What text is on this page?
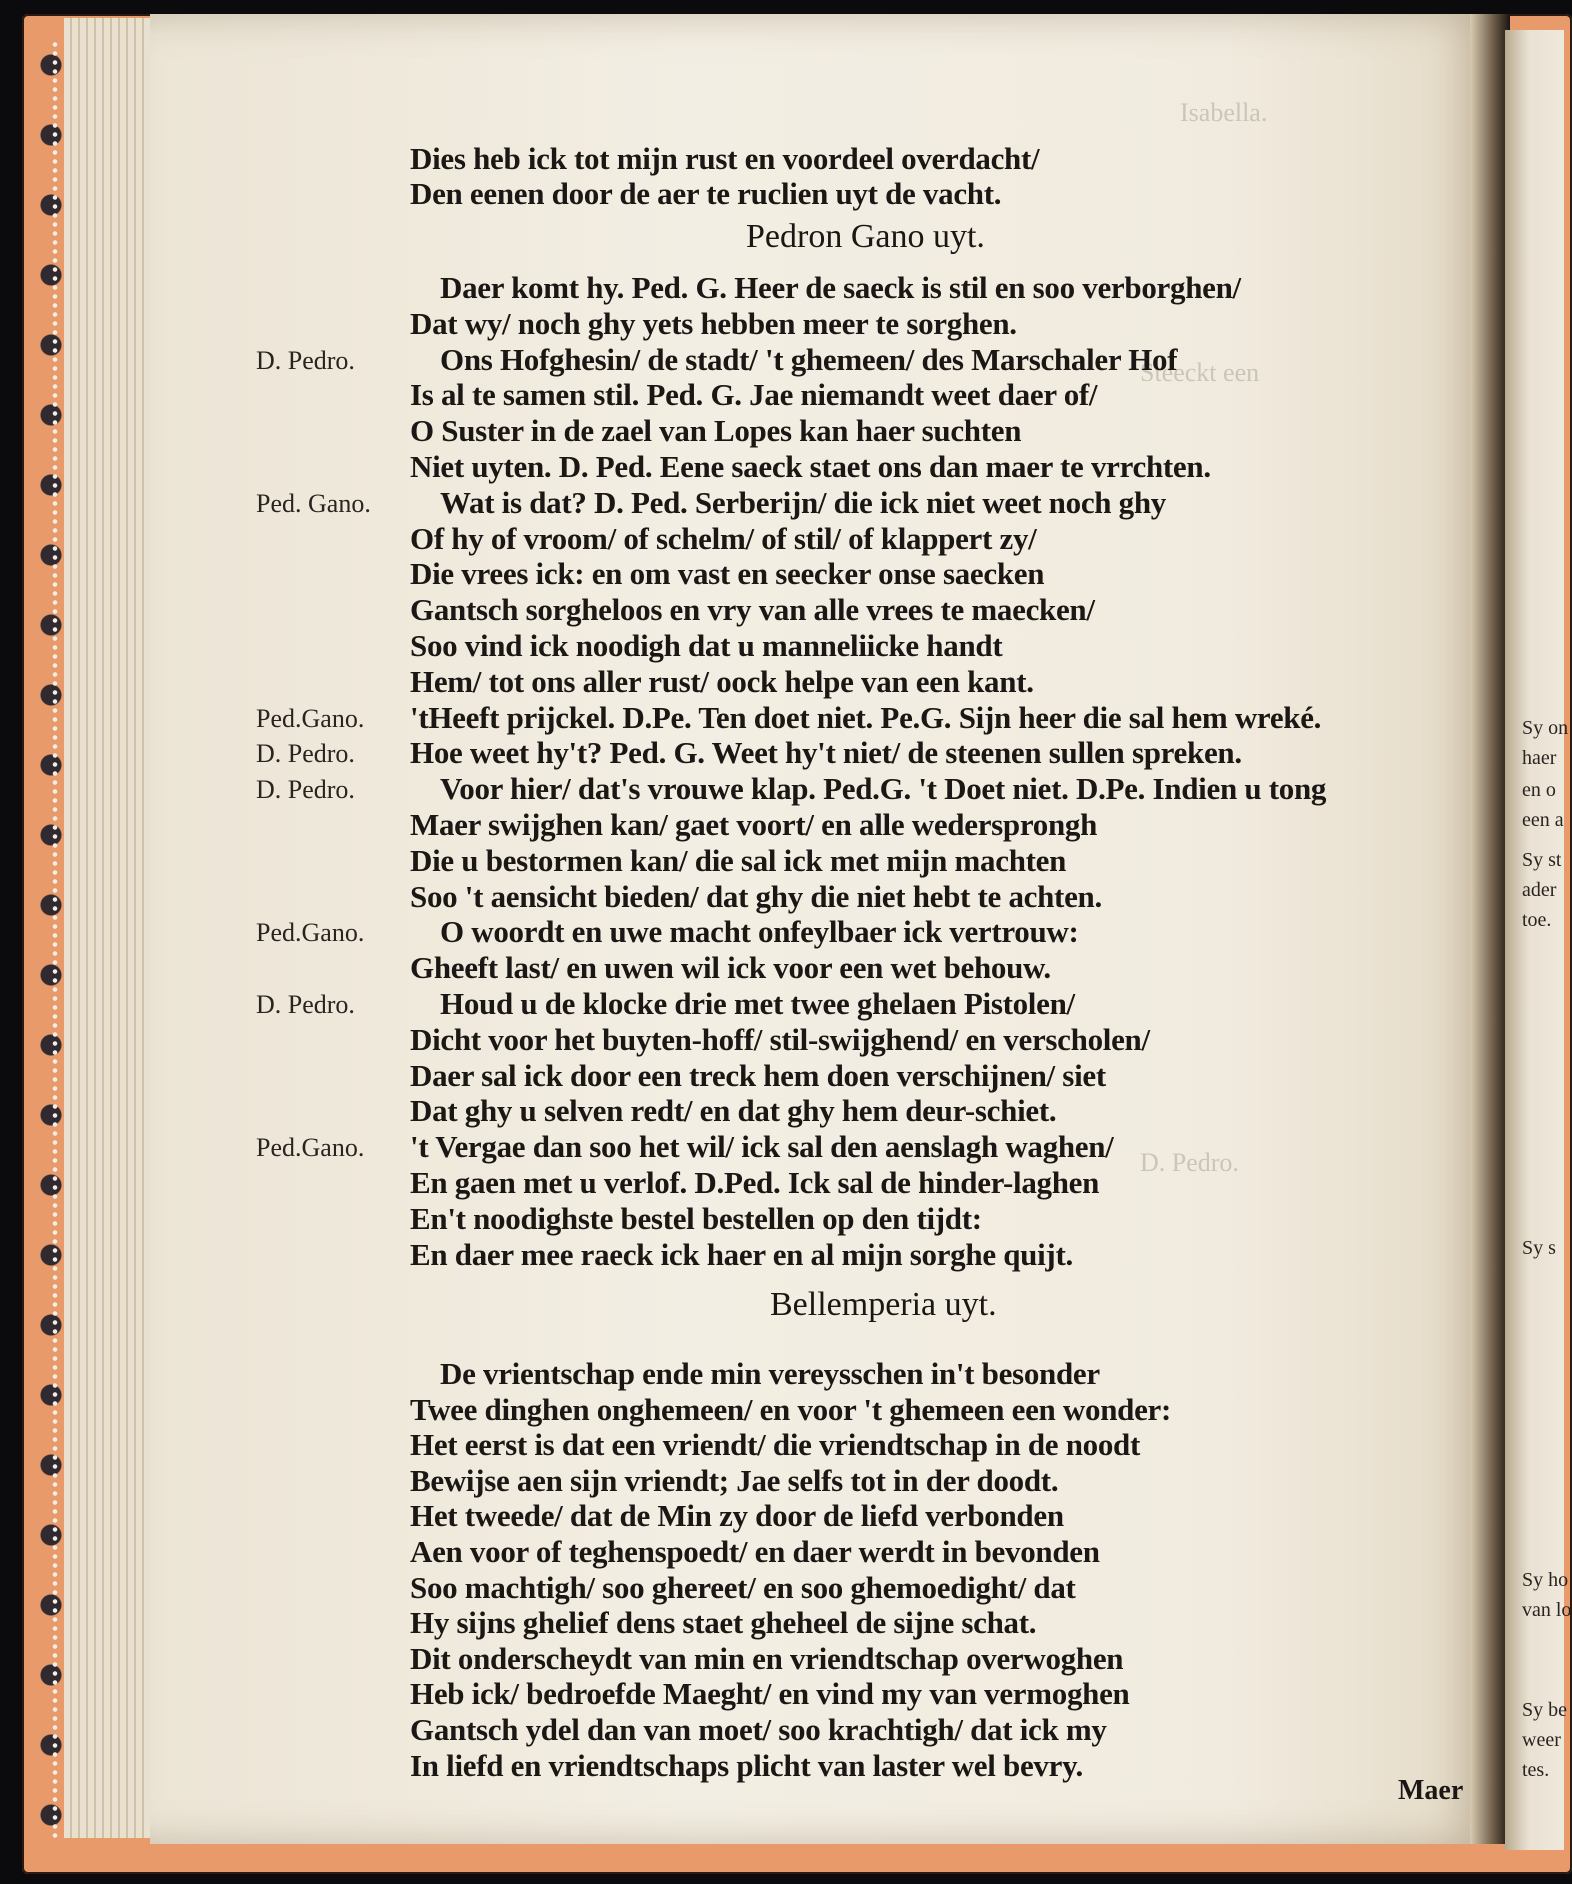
Isabella.
Steeckt een
D. Pedro.
Dies heb ick tot mijn rust en voordeel overdacht/
Den eenen door de aer te ruclien uyt de vacht.
Pedron Gano uyt.
Daer komt hy. Ped. G. Heer de saeck is stil en soo verborghen/
Dat wy/ noch ghy yets hebben meer te sorghen.
D. Pedro.	Ons Hofghesin/ de stadt/ 't ghemeen/ des Marschaler Hof
Is al te samen stil. Ped. G. Jae niemandt weet daer of/
O Suster in de zael van Lopes kan haer suchten
Niet uyten. D. Ped. Eene saeck staet ons dan maer te vrrchten.
Ped. Gano. Wat is dat? D. Ped. Serberijn/ die ick niet weet noch ghy
Of hy of vroom/ of schelm/ of stil/ of klappert zy/
Die vrees ick: en om vast en seecker onse saecken
Gantsch sorgheloos en vry van alle vrees te maecken/
Soo vind ick noodigh dat u manneliicke handt
Hem/ tot ons aller rust/ oock helpe van een kant.
Ped.Gano. 'tHeeft prijckel. D.Pe. Ten doet niet. Pe.G. Sijn heer die sal hem wreké.
D. Pedro. Hoe weet hy't? Ped. G. Weet hy't niet/ de steenen sullen spreken.
D. Pedro.	Voor hier/ dat's vrouwe klap. Ped.G. 't Doet niet. D.Pe. Indien u tong
Maer swijghen kan/ gaet voort/ en alle wedersprongh
Die u bestormen kan/ die sal ick met mijn machten
Soo 't aensicht bieden/ dat ghy die niet hebt te achten.
Ped.Gano. O woordt en uwe macht onfeylbaer ick vertrouw:
Gheeft last/ en uwen wil ick voor een wet behouw.
D. Pedro.	Houd u de klocke drie met twee ghelaen Pistolen/
Dicht voor het buyten-hoff/ stil-swijghend/ en verscholen/
Daer sal ick door een treck hem doen verschijnen/ siet
Dat ghy u selven redt/ en dat ghy hem deur-schiet.
Ped.Gano. 't Vergae dan soo het wil/ ick sal den aenslagh waghen/
En gaen met u verlof. D.Ped. Ick sal de hinder-laghen
En't noodighste bestel bestellen op den tijdt:
En daer mee raeck ick haer en al mijn sorghe quijt.
Bellemperia uyt.
De vrientschap ende min vereysschen in't besonder
Twee dinghen onghemeen/ en voor 't ghemeen een wonder:
Het eerst is dat een vriendt/ die vriendtschap in de noodt
Bewijse aen sijn vriendt; Jae selfs tot in der doodt.
Het tweede/ dat de Min zy door de liefd verbonden
Aen voor of teghenspoedt/ en daer werdt in bevonden
Soo machtigh/ soo ghereet/ en soo ghemoedight/ dat
Hy sijns ghelief dens staet gheheel de sijne schat.
Dit onderscheydt van min en vriendtschap overwoghen
Heb ick/ bedroefde Maeght/ en vind my van vermoghen
Gantsch ydel dan van moet/ soo krachtigh/ dat ick my
In liefd en vriendtschaps plicht van laster wel bevry.
Maer
Sy on
haer
en o
een a
Sy st
ader
toe.
Sy s
Sy ho
van lo
Sy be
weer
tes.
